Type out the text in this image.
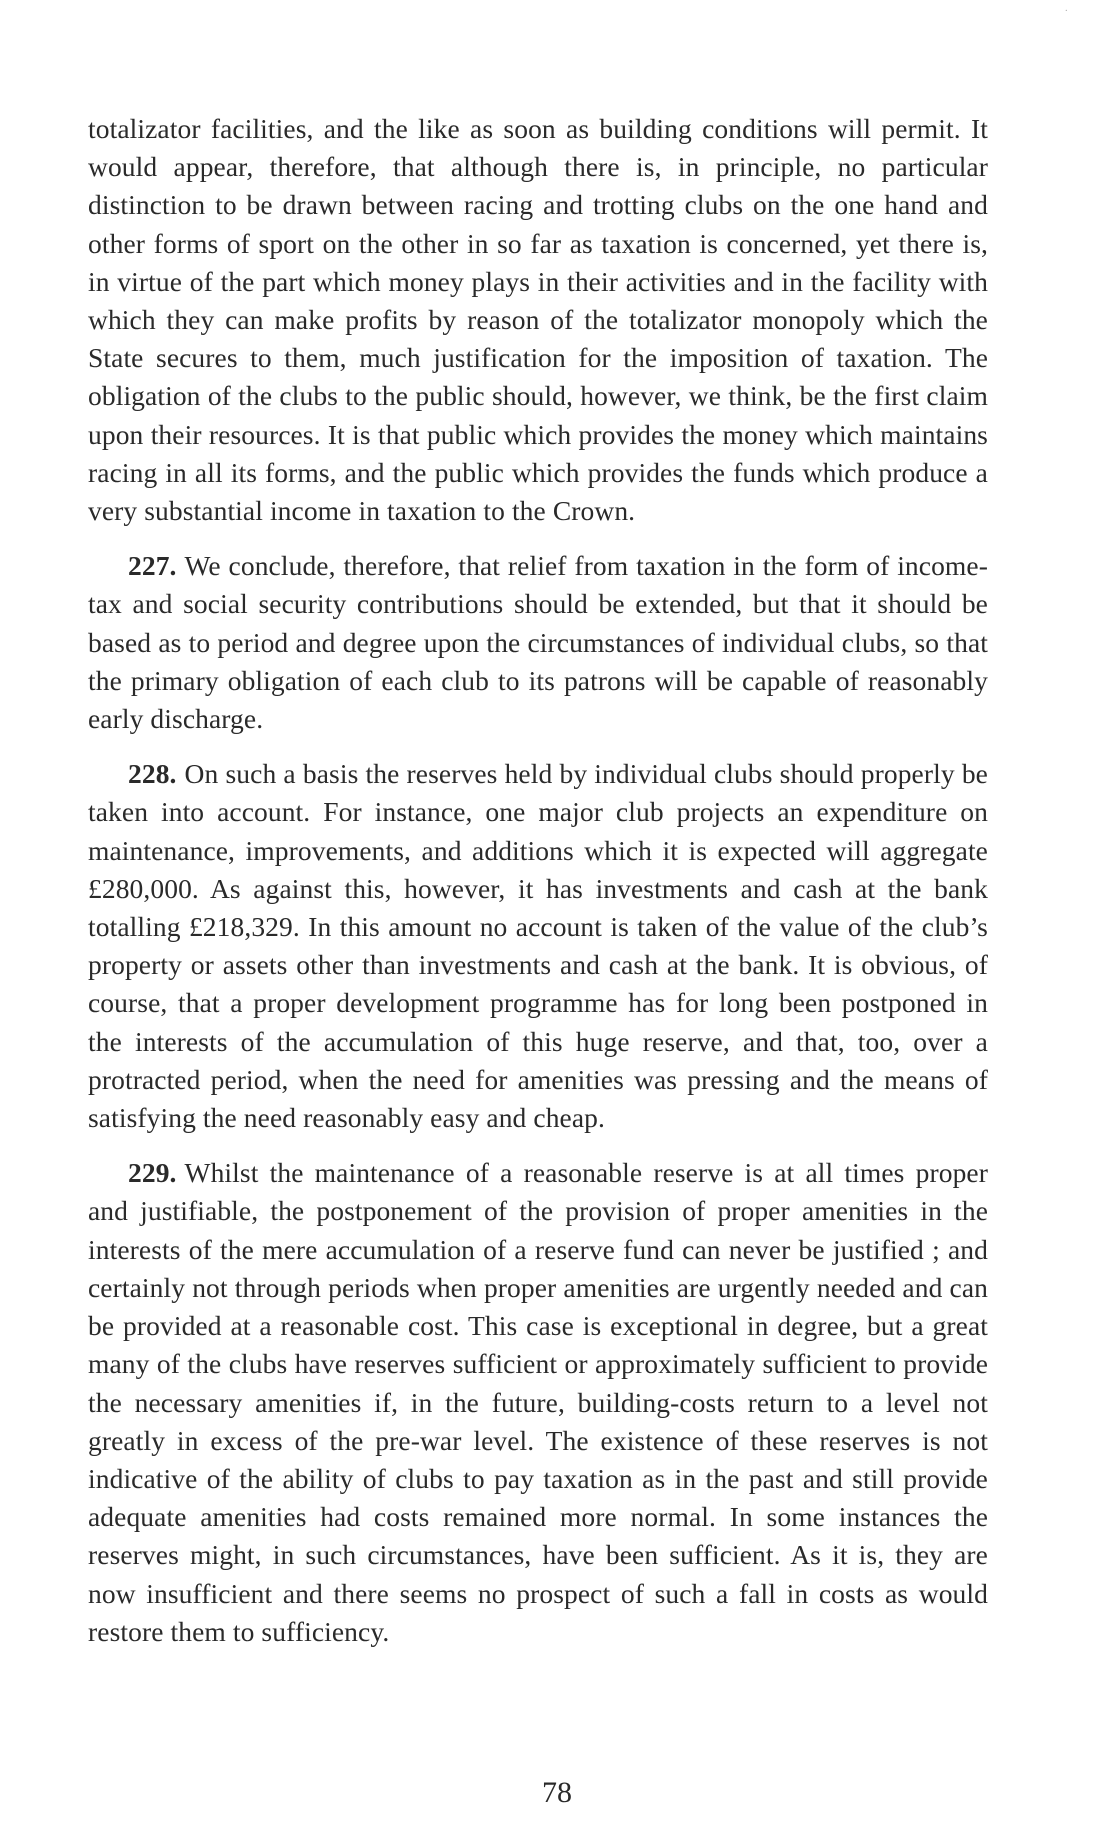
·

totalizator facilities, and the like as soon as building conditions will permit. It would appear, therefore, that although there is, in principle, no particular distinction to be drawn between racing and trotting clubs on the one hand and other forms of sport on the other in so far as taxation is concerned, yet there is, in virtue of the part which money plays in their activities and in the facility with which they can make profits by reason of the totalizator monopoly which the State secures to them, much justification for the imposition of taxation. The obligation of the clubs to the public should, however, we think, be the first claim upon their resources. It is that public which provides the money which maintains racing in all its forms, and the public which provides the funds which produce a very substantial income in taxation to the Crown.

227. We conclude, therefore, that relief from taxation in the form of income-tax and social security contributions should be extended, but that it should be based as to period and degree upon the circumstances of individual clubs, so that the primary obligation of each club to its patrons will be capable of reasonably early discharge.

228. On such a basis the reserves held by individual clubs should properly be taken into account. For instance, one major club projects an expenditure on maintenance, improvements, and additions which it is expected will aggregate £280,000. As against this, however, it has investments and cash at the bank totalling £218,329. In this amount no account is taken of the value of the club’s property or assets other than investments and cash at the bank. It is obvious, of course, that a proper development programme has for long been postponed in the interests of the accumulation of this huge reserve, and that, too, over a protracted period, when the need for amenities was pressing and the means of satisfying the need reasonably easy and cheap.

229. Whilst the maintenance of a reasonable reserve is at all times proper and justifiable, the postponement of the provision of proper amenities in the interests of the mere accumulation of a reserve fund can never be justified ; and certainly not through periods when proper amenities are urgently needed and can be provided at a reasonable cost. This case is exceptional in degree, but a great many of the clubs have reserves sufficient or approximately sufficient to provide the necessary amenities if, in the future, building-costs return to a level not greatly in excess of the pre-war level. The existence of these reserves is not indicative of the ability of clubs to pay taxation as in the past and still provide adequate amenities had costs remained more normal. In some instances the reserves might, in such circumstances, have been sufficient. As it is, they are now insufficient and there seems no prospect of such a fall in costs as would restore them to sufficiency.

78
